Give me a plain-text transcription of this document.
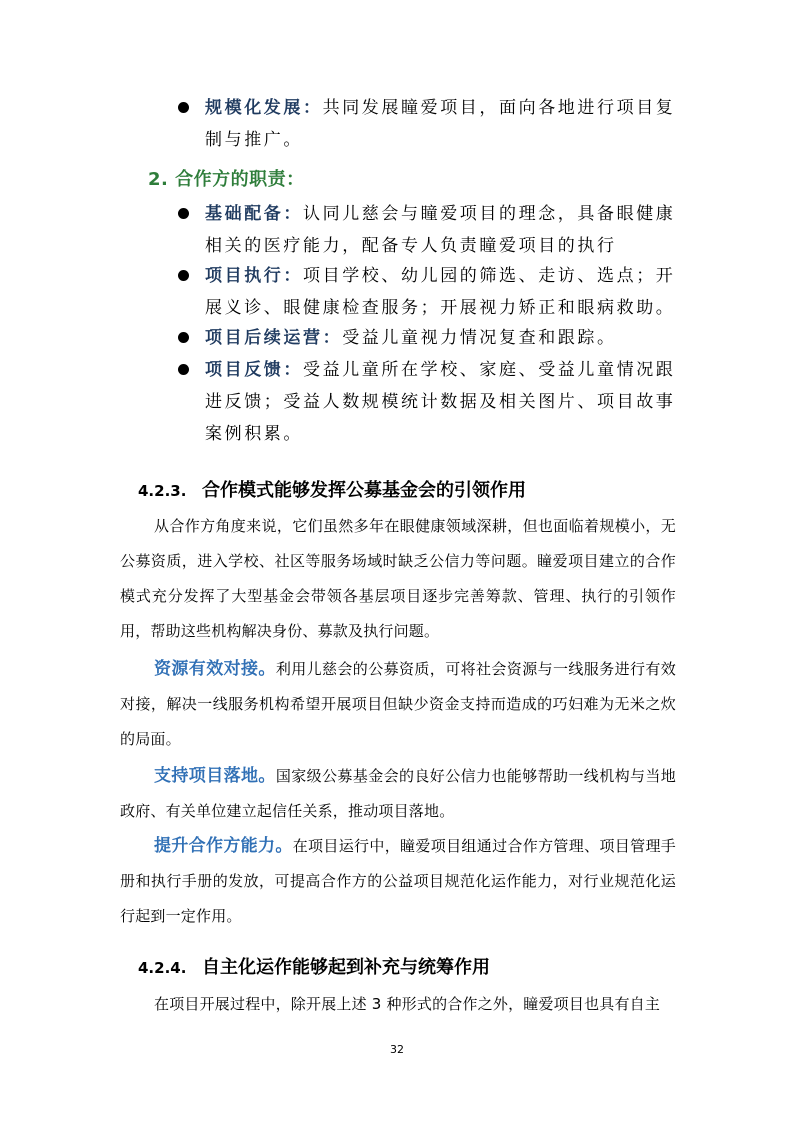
规模化发展：共同发展瞳爱项目，面向各地进行项目复制与推广。
2. 合作方的职责：
基础配备：认同儿慈会与瞳爱项目的理念，具备眼健康相关的医疗能力，配备专人负责瞳爱项目的执行
项目执行：项目学校、幼儿园的筛选、走访、选点；开展义诊、眼健康检查服务；开展视力矫正和眼病救助。
项目后续运营：受益儿童视力情况复查和跟踪。
项目反馈：受益儿童所在学校、家庭、受益儿童情况跟进反馈；受益人数规模统计数据及相关图片、项目故事案例积累。
4.2.3. 合作模式能够发挥公募基金会的引领作用

从合作方角度来说，它们虽然多年在眼健康领域深耕，但也面临着规模小，无公募资质，进入学校、社区等服务场域时缺乏公信力等问题。瞳爱项目建立的合作模式充分发挥了大型基金会带领各基层项目逐步完善筹款、管理、执行的引领作用，帮助这些机构解决身份、募款及执行问题。

资源有效对接。利用儿慈会的公募资质，可将社会资源与一线服务进行有效对接，解决一线服务机构希望开展项目但缺少资金支持而造成的巧妇难为无米之炊的局面。

支持项目落地。国家级公募基金会的良好公信力也能够帮助一线机构与当地政府、有关单位建立起信任关系，推动项目落地。

提升合作方能力。在项目运行中，瞳爱项目组通过合作方管理、项目管理手册和执行手册的发放，可提高合作方的公益项目规范化运作能力，对行业规范化运行起到一定作用。

4.2.4. 自主化运作能够起到补充与统筹作用

在项目开展过程中，除开展上述 3 种形式的合作之外，瞳爱项目也具有自主

32
